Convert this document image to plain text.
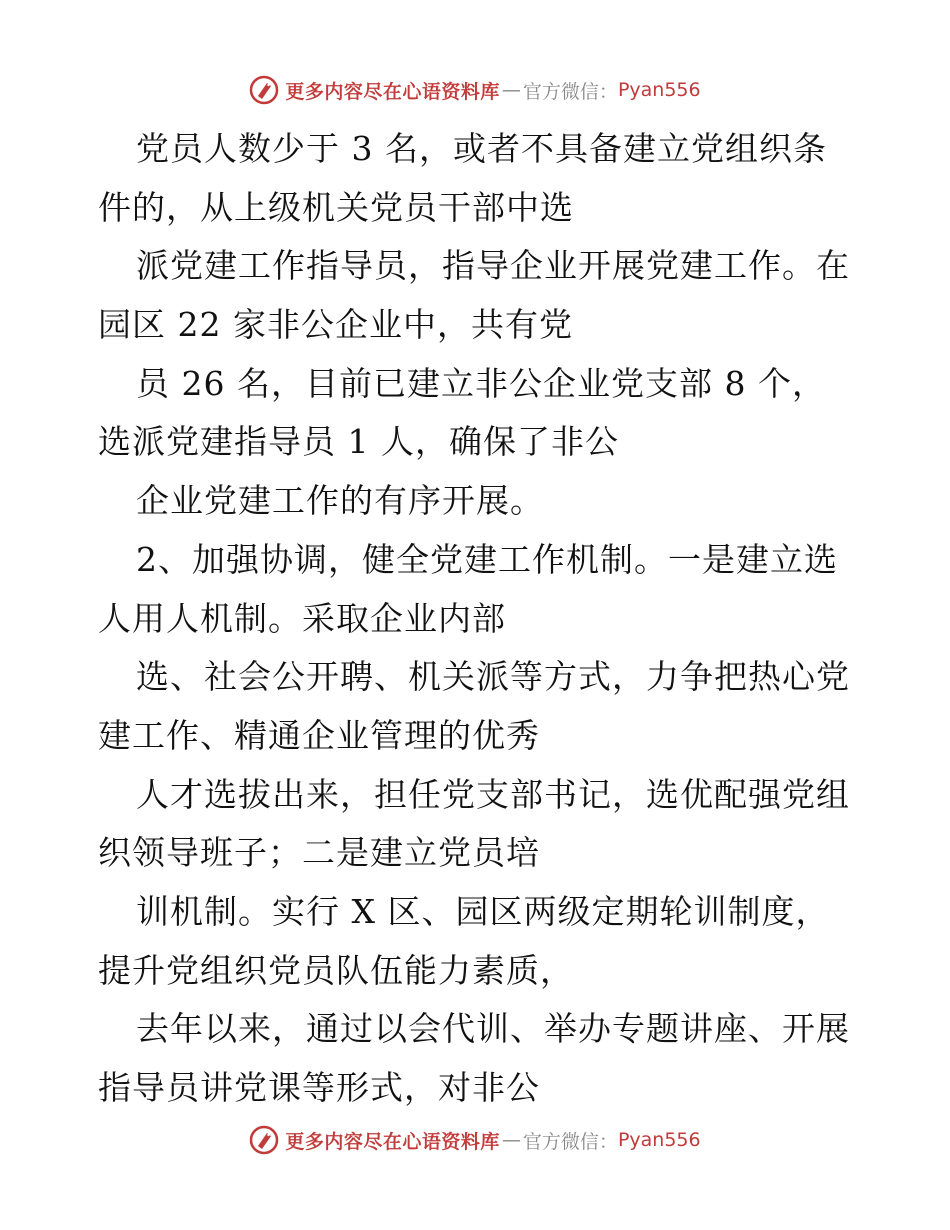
更多内容尽在心语资料库 — 官方微信： Pyan556
党员人数少于 3 名，或者不具备建立党组织条
件的，从上级机关党员干部中选
派党建工作指导员，指导企业开展党建工作。在
园区 22 家非公企业中，共有党
员 26 名，目前已建立非公企业党支部 8 个，
选派党建指导员 1 人，确保了非公
企业党建工作的有序开展。
2、加强协调，健全党建工作机制。一是建立选
人用人机制。采取企业内部
选、社会公开聘、机关派等方式，力争把热心党
建工作、精通企业管理的优秀
人才选拔出来，担任党支部书记，选优配强党组
织领导班子；二是建立党员培
训机制。实行 X 区、园区两级定期轮训制度，
提升党组织党员队伍能力素质，
去年以来，通过以会代训、举办专题讲座、开展
指导员讲党课等形式，对非公
更多内容尽在心语资料库 — 官方微信： Pyan556
